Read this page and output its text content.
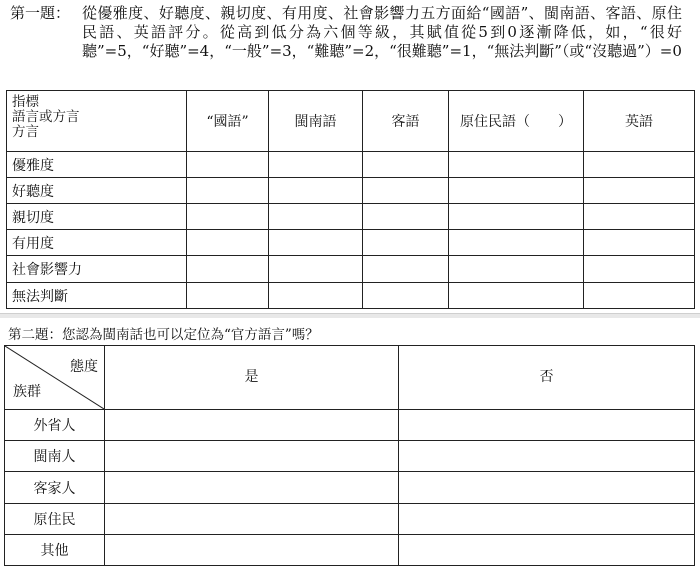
第一題： 從優雅度、好聽度、親切度、有用度、社會影響力五方面給“國語”、閩南語、客語、原住民語、英語評分。從高到低分為六個等級，其賦值從5到0逐漸降低，如，“很好聽”=5，“好聽”=4，“一般”=3，“難聽”=2，“很難聽”=1，“無法判斷”（或“沒聽過”）=0
指標
語言或方言
方言	“國語”	閩南語	客語	原住民語（　　）	英語
優雅度					
好聽度					
親切度					
有用度					
社會影響力					
無法判斷					
第二題：您認為閩南話也可以定位為“官方語言”嗎？
態度
族群	是	否
外省人		
閩南人		
客家人		
原住民		
其他		
